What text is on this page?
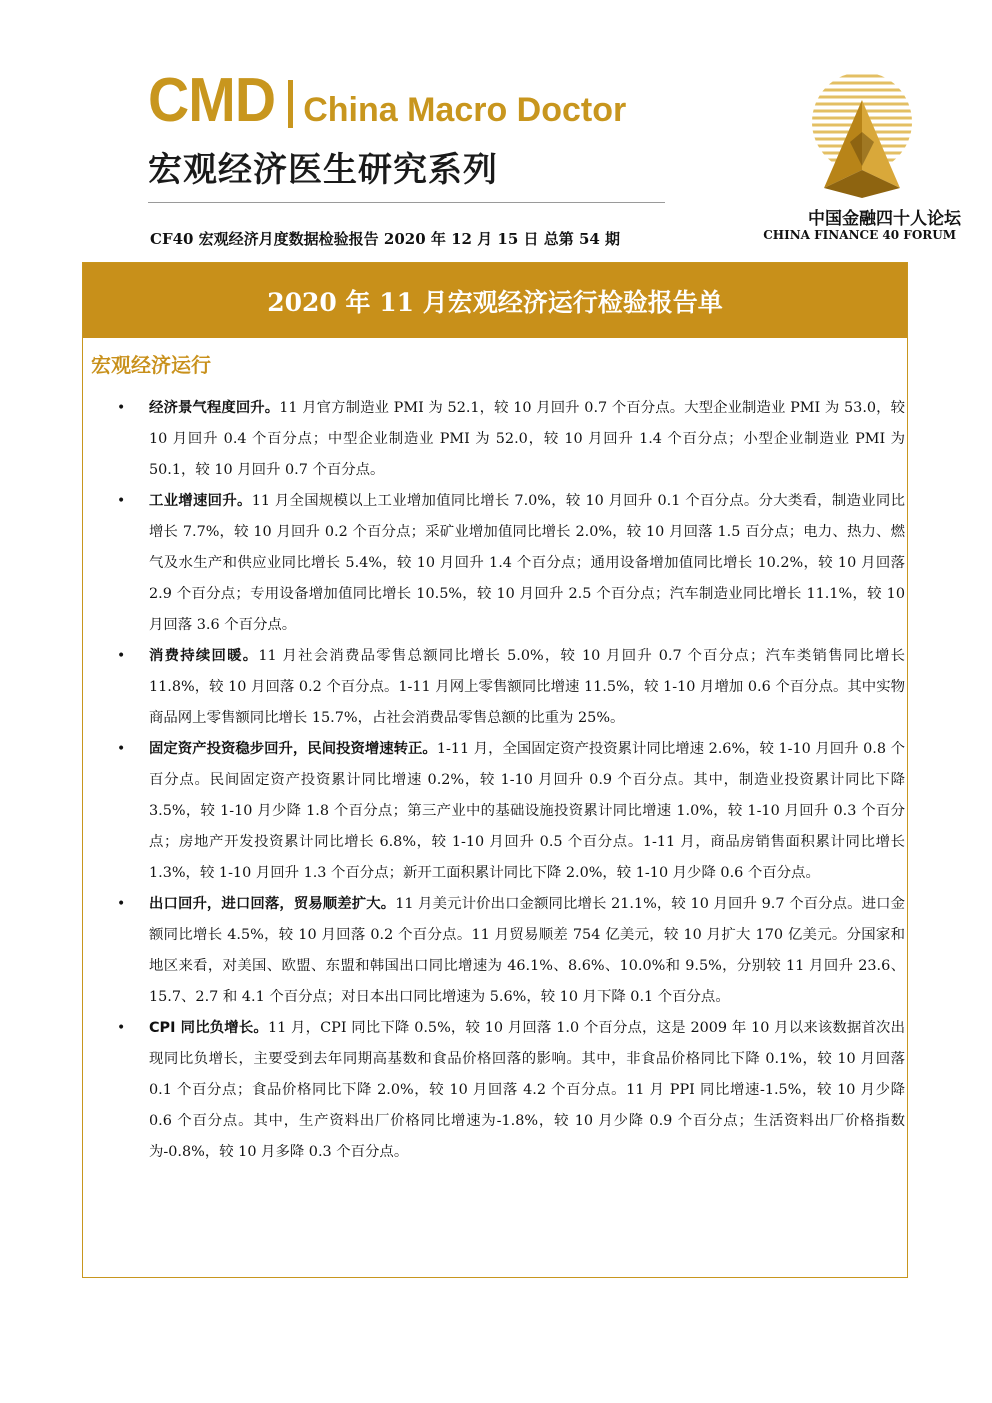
CMD China Macro Doctor
宏观经济医生研究系列
CF40 宏观经济月度数据检验报告 2020 年 12 月 15 日 总第 54 期
中国金融四十人论坛
CHINA FINANCE 40 FORUM
2020 年 11 月宏观经济运行检验报告单
宏观经济运行
• 经济景气程度回升。11 月官方制造业 PMI 为 52.1，较 10 月回升 0.7 个百分点。大型企业制造业 PMI 为 53.0，较 10 月回升 0.4 个百分点；中型企业制造业 PMI 为 52.0，较 10 月回升 1.4 个百分点；小型企业制造业 PMI 为 50.1，较 10 月回升 0.7 个百分点。
• 工业增速回升。11 月全国规模以上工业增加值同比增长 7.0%，较 10 月回升 0.1 个百分点。分大类看，制造业同比增长 7.7%，较 10 月回升 0.2 个百分点；采矿业增加值同比增长 2.0%，较 10 月回落 1.5 百分点；电力、热力、燃气及水生产和供应业同比增长 5.4%，较 10 月回升 1.4 个百分点；通用设备增加值同比增长 10.2%，较 10 月回落 2.9 个百分点；专用设备增加值同比增长 10.5%，较 10 月回升 2.5 个百分点；汽车制造业同比增长 11.1%，较 10 月回落 3.6 个百分点。
• 消费持续回暖。11 月社会消费品零售总额同比增长 5.0%，较 10 月回升 0.7 个百分点；汽车类销售同比增长 11.8%，较 10 月回落 0.2 个百分点。1-11 月网上零售额同比增速 11.5%，较 1-10 月增加 0.6 个百分点。其中实物商品网上零售额同比增长 15.7%，占社会消费品零售总额的比重为 25%。
• 固定资产投资稳步回升，民间投资增速转正。1-11 月，全国固定资产投资累计同比增速 2.6%，较 1-10 月回升 0.8 个百分点。民间固定资产投资累计同比增速 0.2%，较 1-10 月回升 0.9 个百分点。其中，制造业投资累计同比下降 3.5%，较 1-10 月少降 1.8 个百分点；第三产业中的基础设施投资累计同比增速 1.0%，较 1-10 月回升 0.3 个百分点；房地产开发投资累计同比增长 6.8%，较 1-10 月回升 0.5 个百分点。1-11 月，商品房销售面积累计同比增长 1.3%，较 1-10 月回升 1.3 个百分点；新开工面积累计同比下降 2.0%，较 1-10 月少降 0.6 个百分点。
• 出口回升，进口回落，贸易顺差扩大。11 月美元计价出口金额同比增长 21.1%，较 10 月回升 9.7 个百分点。进口金额同比增长 4.5%，较 10 月回落 0.2 个百分点。11 月贸易顺差 754 亿美元，较 10 月扩大 170 亿美元。分国家和地区来看，对美国、欧盟、东盟和韩国出口同比增速为 46.1%、8.6%、10.0%和 9.5%，分别较 11 月回升 23.6、15.7、2.7 和 4.1 个百分点；对日本出口同比增速为 5.6%，较 10 月下降 0.1 个百分点。
• CPI 同比负增长。11 月，CPI 同比下降 0.5%，较 10 月回落 1.0 个百分点，这是 2009 年 10 月以来该数据首次出现同比负增长，主要受到去年同期高基数和食品价格回落的影响。其中，非食品价格同比下降 0.1%，较 10 月回落 0.1 个百分点；食品价格同比下降 2.0%，较 10 月回落 4.2 个百分点。11 月 PPI 同比增速-1.5%，较 10 月少降 0.6 个百分点。其中，生产资料出厂价格同比增速为-1.8%，较 10 月少降 0.9 个百分点；生活资料出厂价格指数为-0.8%，较 10 月多降 0.3 个百分点。
